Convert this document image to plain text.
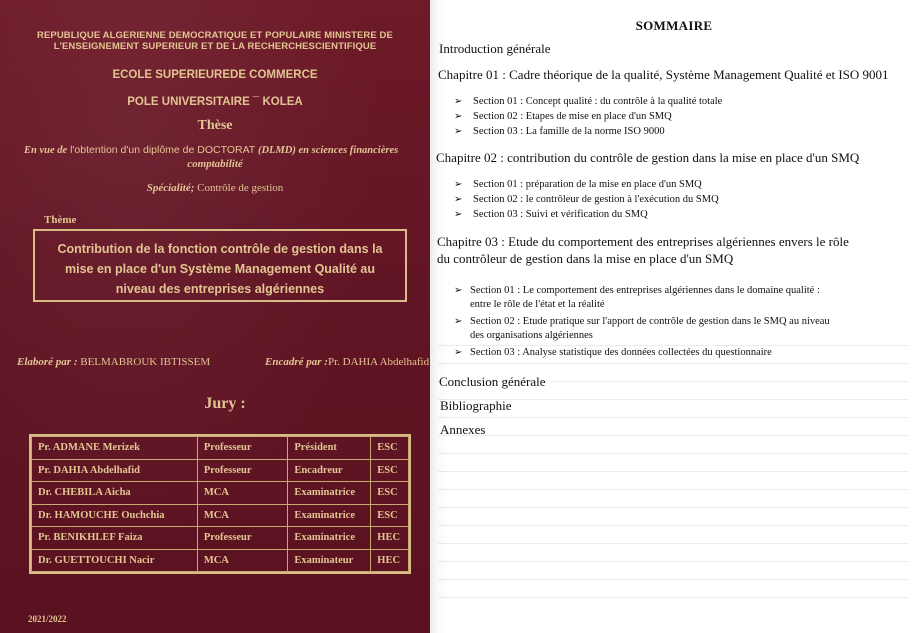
REPUBLIQUE ALGERIENNE DEMOCRATIQUE ET POPULAIRE MINISTERE DE
L'ENSEIGNEMENT SUPERIEUR ET DE LA RECHERCHESCIENTIFIQUE
ECOLE SUPERIEUREDE COMMERCE
POLE UNIVERSITAIRE ¯ KOLEA
Thèse
En vue de l'obtention d'un diplôme de DOCTORAT (DLMD) en sciences financières
comptabilité
Spécialité; Contrôle de gestion
Thème
Contribution de la fonction contrôle de gestion dans la
mise en place d'un Système Management Qualité au
niveau des entreprises algériennes
Elaboré par : BELMABROUK IBTISSEM	Encadré par :Pr. DAHIA Abdelhafid
Jury :
Pr. ADMANE Merizek	Professeur	Président	ESC
Pr. DAHIA Abdelhafid	Professeur	Encadreur	ESC
Dr. CHEBILA Aicha	MCA	Examinatrice	ESC
Dr. HAMOUCHE Ouchchia	MCA	Examinatrice	ESC
Pr. BENIKHLEF Faiza	Professeur	Examinatrice	HEC
Dr. GUETTOUCHI Nacir	MCA	Examinateur	HEC
2021/2022
SOMMAIRE
Introduction générale
Chapitre 01 : Cadre théorique de la qualité, Système Management Qualité et ISO 9001
➢ Section 01 : Concept qualité : du contrôle à la qualité totale
➢ Section 02 : Etapes de mise en place d'un SMQ
➢ Section 03 : La famille de la norme ISO 9000
Chapitre 02 : contribution du contrôle de gestion dans la mise en place d'un SMQ
➢ Section 01 : préparation de la mise en place d'un SMQ
➢ Section 02 : le contrôleur de gestion à l'exécution du SMQ
➢ Section 03 : Suivi et vérification du SMQ
Chapitre 03 : Etude du comportement des entreprises algériennes envers le rôle
du contrôleur de gestion dans la mise en place d'un SMQ
➢ Section 01 : Le comportement des entreprises algériennes dans le domaine qualité :
entre le rôle de l'état et la réalité
➢ Section 02 : Etude pratique sur l'apport de contrôle de gestion dans le SMQ au niveau
des organisations algériennes
➢ Section 03 : Analyse statistique des données collectées du questionnaire
Conclusion générale
Bibliographie
Annexes
